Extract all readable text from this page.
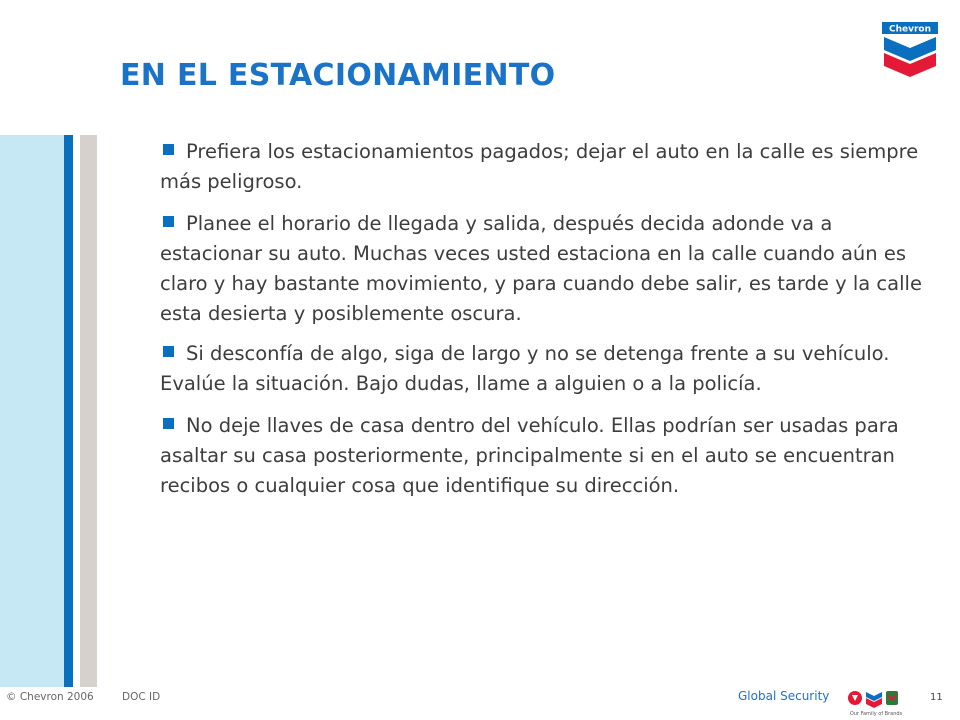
EN EL ESTACIONAMIENTO
Chevron
Prefiera los estacionamientos pagados; dejar el auto en la calle es siempre más peligroso.
Planee el horario de llegada y salida, después decida adonde va a estacionar su auto. Muchas veces usted estaciona en la calle cuando aún es claro y hay bastante movimiento, y para cuando debe salir, es tarde y la calle esta desierta y posiblemente oscura.
Si desconfía de algo, siga de largo y no se detenga frente a su vehículo. Evalúe la situación. Bajo dudas, llame a alguien o a la policía.
No deje llaves de casa dentro del vehículo. Ellas podrían ser usadas para asaltar su casa posteriormente, principalmente si en el auto se encuentran recibos o cualquier cosa que identifique su dirección.
© Chevron 2006	DOC ID	Global Security
Our Family of Brands
11
